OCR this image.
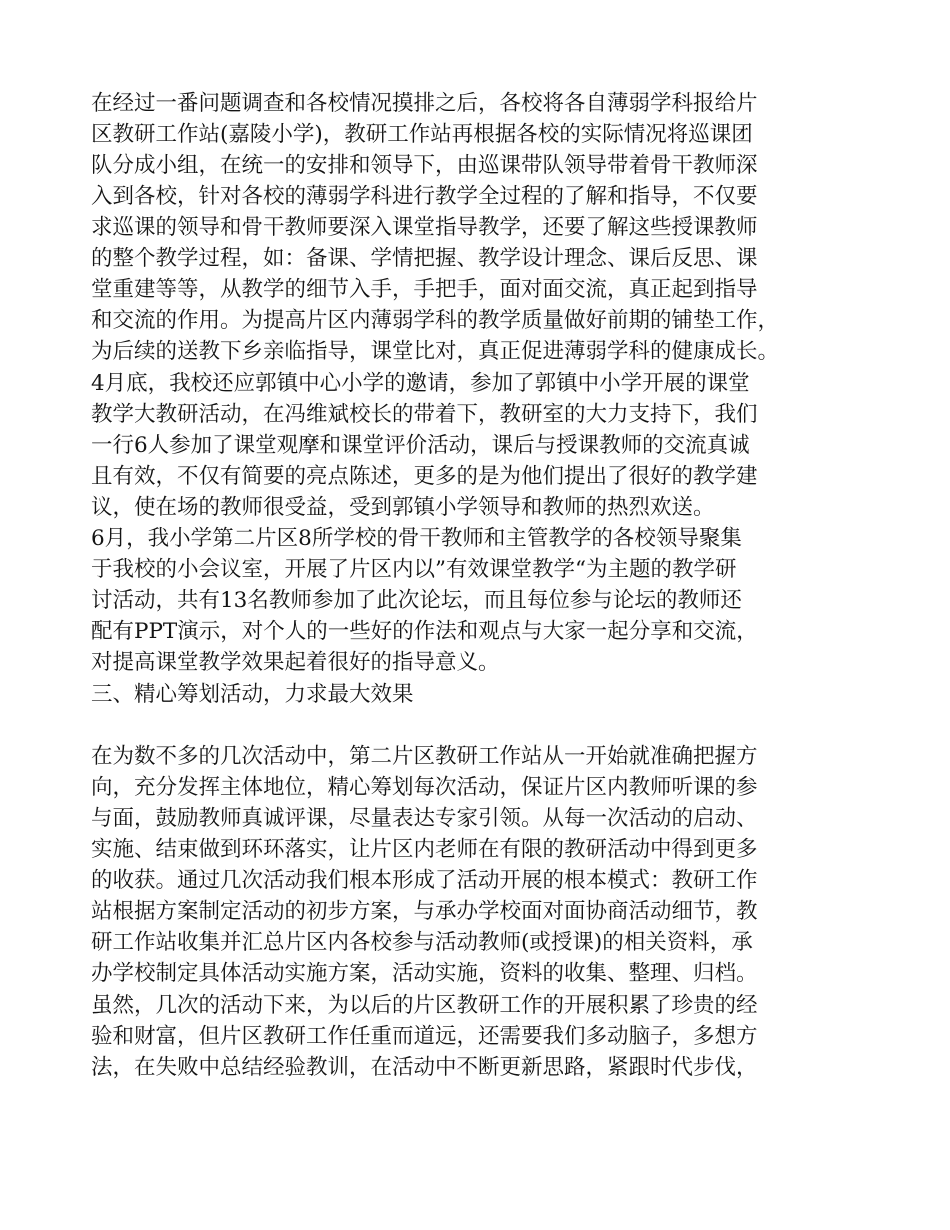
在经过一番问题调查和各校情况摸排之后，各校将各自薄弱学科报给片
区教研工作站(嘉陵小学)，教研工作站再根据各校的实际情况将巡课团
队分成小组，在统一的安排和领导下，由巡课带队领导带着骨干教师深
入到各校，针对各校的薄弱学科进行教学全过程的了解和指导，不仅要
求巡课的领导和骨干教师要深入课堂指导教学，还要了解这些授课教师
的整个教学过程，如：备课、学情把握、教学设计理念、课后反思、课
堂重建等等，从教学的细节入手，手把手，面对面交流，真正起到指导
和交流的作用。为提高片区内薄弱学科的教学质量做好前期的铺垫工作，
为后续的送教下乡亲临指导，课堂比对，真正促进薄弱学科的健康成长。
4月底，我校还应郭镇中心小学的邀请，参加了郭镇中小学开展的课堂
教学大教研活动，在冯维斌校长的带着下，教研室的大力支持下，我们
一行6人参加了课堂观摩和课堂评价活动，课后与授课教师的交流真诚
且有效，不仅有简要的亮点陈述，更多的是为他们提出了很好的教学建
议，使在场的教师很受益，受到郭镇小学领导和教师的热烈欢送。
6月，我小学第二片区8所学校的骨干教师和主管教学的各校领导聚集
于我校的小会议室，开展了片区内以”有效课堂教学“为主题的教学研
讨活动，共有13名教师参加了此次论坛，而且每位参与论坛的教师还
配有PPT演示，对个人的一些好的作法和观点与大家一起分享和交流，
对提高课堂教学效果起着很好的指导意义。
三、精心筹划活动，力求最大效果
在为数不多的几次活动中，第二片区教研工作站从一开始就准确把握方
向，充分发挥主体地位，精心筹划每次活动，保证片区内教师听课的参
与面，鼓励教师真诚评课，尽量表达专家引领。从每一次活动的启动、
实施、结束做到环环落实，让片区内老师在有限的教研活动中得到更多
的收获。通过几次活动我们根本形成了活动开展的根本模式：教研工作
站根据方案制定活动的初步方案，与承办学校面对面协商活动细节，教
研工作站收集并汇总片区内各校参与活动教师(或授课)的相关资料，承
办学校制定具体活动实施方案，活动实施，资料的收集、整理、归档。
虽然，几次的活动下来，为以后的片区教研工作的开展积累了珍贵的经
验和财富，但片区教研工作任重而道远，还需要我们多动脑子，多想方
法，在失败中总结经验教训，在活动中不断更新思路，紧跟时代步伐，
